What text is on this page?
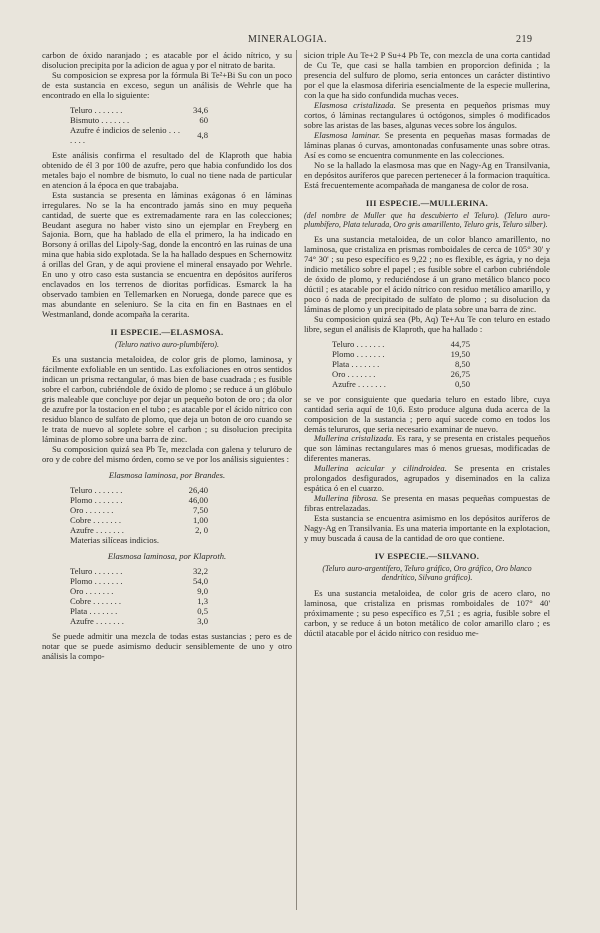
MINERALOGIA.	219

carbon de óxido naranjado ; es atacable por el ácido nítrico, y su disolucion precipita por la adicion de agua y por el nitrato de barita.

Su composicion se expresa por la fórmula Bi Te²+Bi Su con un poco de esta sustancia en exceso, segun un análisis de Wehrle que ha encontrado en ella lo siguiente:

Teluro . . . . . . .	34,6
Bismuto . . . . . . .	60
Azufre é indicios de selenio . . . . . . .	4,8

Este análisis confirma el resultado del de Klaproth que habia obtenido de él 3 por 100 de azufre, pero que habia confundido los dos metales bajo el nombre de bismuto, lo cual no tiene nada de particular en atencion á la época en que trabajaba.

Esta sustancia se presenta en láminas exágonas ó en láminas irregulares. No se la ha encontrado jamás sino en muy pequeña cantidad, de suerte que es extremadamente rara en las colecciones; Beudant asegura no haber visto sino un ejemplar en Freyberg en Sajonia. Born, que ha hablado de ella el primero, la ha indicado en Borsony á orillas del Lipoly-Sag, donde la encontró en las ruinas de una mina que habia sido explotada. Se la ha hallado despues en Schernowitz á orillas del Gran, y de aqui proviene el mineral ensayado por Wehrle. En uno y otro caso esta sustancia se encuentra en depósitos auríferos enclavados en los terrenos de dioritas porfídicas. Esmarck la ha observado tambien en Tellemarken en Noruega, donde parece que es mas abundante en seleniuro. Se la cita en fin en Bastnaes en el Westmanland, donde acompaña la cerarita.

II ESPECIE.—ELASMOSA.
(Teluro nativo auro-plumbífero).

Es una sustancia metaloidea, de color gris de plomo, laminosa, y fácilmente exfoliable en un sentido. Las exfoliaciones en otros sentidos indican un prisma rectangular, ó mas bien de base cuadrada ; es fusible sobre el carbon, cubriéndole de óxido de plomo ; se reduce á un glóbulo gris maleable que concluye por dejar un pequeño boton de oro ; da olor de azufre por la tostacion en el tubo ; es atacable por el ácido nítrico con residuo blanco de sulfato de plomo, que deja un boton de oro cuando se le trata de nuevo al soplete sobre el carbon ; su disolucion precipita láminas de plomo sobre una barra de zinc.

Su composicion quizá sea Pb Te, mezclada con galena y telururo de oro y de cobre del mismo órden, como se ve por los análisis siguientes :

Elasmosa laminosa, por Brandes.
Teluro . . . . . . .	26,40
Plomo . . . . . . .	46,00
Oro . . . . . . .	7,50
Cobre . . . . . . .	1,00
Azufre . . . . . . .	2, 0
Materias silíceas indicios.	
Elasmosa laminosa, por Klaproth.
Teluro . . . . . . .	32,2
Plomo . . . . . . .	54,0
Oro . . . . . . .	9,0
Cobre . . . . . . .	1,3
Plata . . . . . . .	0,5
Azufre . . . . . . .	3,0

Se puede admitir una mezcla de todas estas sustancias ; pero es de notar que se puede asimismo deducir sensiblemente de uno y otro análisis la compo-

sicion triple Au Te+2 P Su+4 Pb Te, con mezcla de una corta cantidad de Cu Te, que casi se halla tambien en proporcion definida ; la presencia del sulfuro de plomo, seria entonces un carácter distintivo por el que la elasmosa diferiria esencialmente de la especie mullerina, con la que ha sido confundida muchas veces.

Elasmosa cristalizada. Se presenta en pequeños prismas muy cortos, ó láminas rectangulares ú octógonos, simples ó modificados sobre las aristas de las bases, algunas veces sobre los ángulos.

Elasmosa laminar. Se presenta en pequeñas masas formadas de láminas planas ó curvas, amontonadas confusamente unas sobre otras. Así es como se encuentra comunmente en las colecciones.

No se la hallado la elasmosa mas que en Nagy-Ag en Transilvania, en depósitos auríferos que parecen pertenecer á la formacion traquítica. Está frecuentemente acompañada de manganesa de color de rosa.

III ESPECIE.—MULLERINA.
(del nombre de Muller que ha descubierto el Teluro). (Teluro auro-plumbífero, Plata telurada, Oro gris amarillento, Teluro gris, Teluro silber).

Es una sustancia metaloidea, de un color blanco amarillento, no laminosa, que cristaliza en prismas romboidales de cerca de 105° 30' y 74° 30' ; su peso específico es 9,22 ; no es flexible, es ágria, y no deja indicio metálico sobre el papel ; es fusible sobre el carbon cubriéndole de óxido de plomo, y reduciéndose á un grano metálico blanco poco dúctil ; es atacable por el ácido nítrico con residuo metálico amarillo, y poco ó nada de precipitado de sulfato de plomo ; su disolucion da láminas de plomo y un precipitado de plata sobre una barra de zinc.

Su composicion quizá sea (Pb, Aq) Te+Au Te con teluro en estado libre, segun el análisis de Klaproth, que ha hallado :

Teluro . . . . . . .	44,75
Plomo . . . . . . .	19,50
Plata . . . . . . .	8,50
Oro . . . . . . .	26,75
Azufre . . . . . . .	0,50

se ve por consiguiente que quedaria teluro en estado libre, cuya cantidad seria aquí de 10,6. Esto produce alguna duda acerca de la composicion de la sustancia ; pero aquí sucede como en todos los demás telururos, que seria necesario examinar de nuevo.

Mullerina cristalizada. Es rara, y se presenta en cristales pequeños que son láminas rectangulares mas ó menos gruesas, modificadas de diferentes maneras.

Mullerina acicular y cilindroidea. Se presenta en cristales prolongados desfigurados, agrupados y diseminados en la caliza espática ó en el cuarzo.

Mullerina fibrosa. Se presenta en masas pequeñas compuestas de fibras entrelazadas.

Esta sustancia se encuentra asimismo en los depósitos auríferos de Nagy-Ag en Transilvania. Es una materia importante en la explotacion, y muy buscada á causa de la cantidad de oro que contiene.

IV ESPECIE.—SILVANO.
(Teluro auro-argentífero, Teluro gráfico, Oro gráfico, Oro blanco dendrítico, Silvano gráfico).

Es una sustancia metaloidea, de color gris de acero claro, no laminosa, que cristaliza en prismas romboidales de 107° 40' próximamente ; su peso específico es 7,51 ; es agria, fusible sobre el carbon, y se reduce á un boton metálico de color amarillo claro ; es dúctil atacable por el ácido nítrico con residuo me-
